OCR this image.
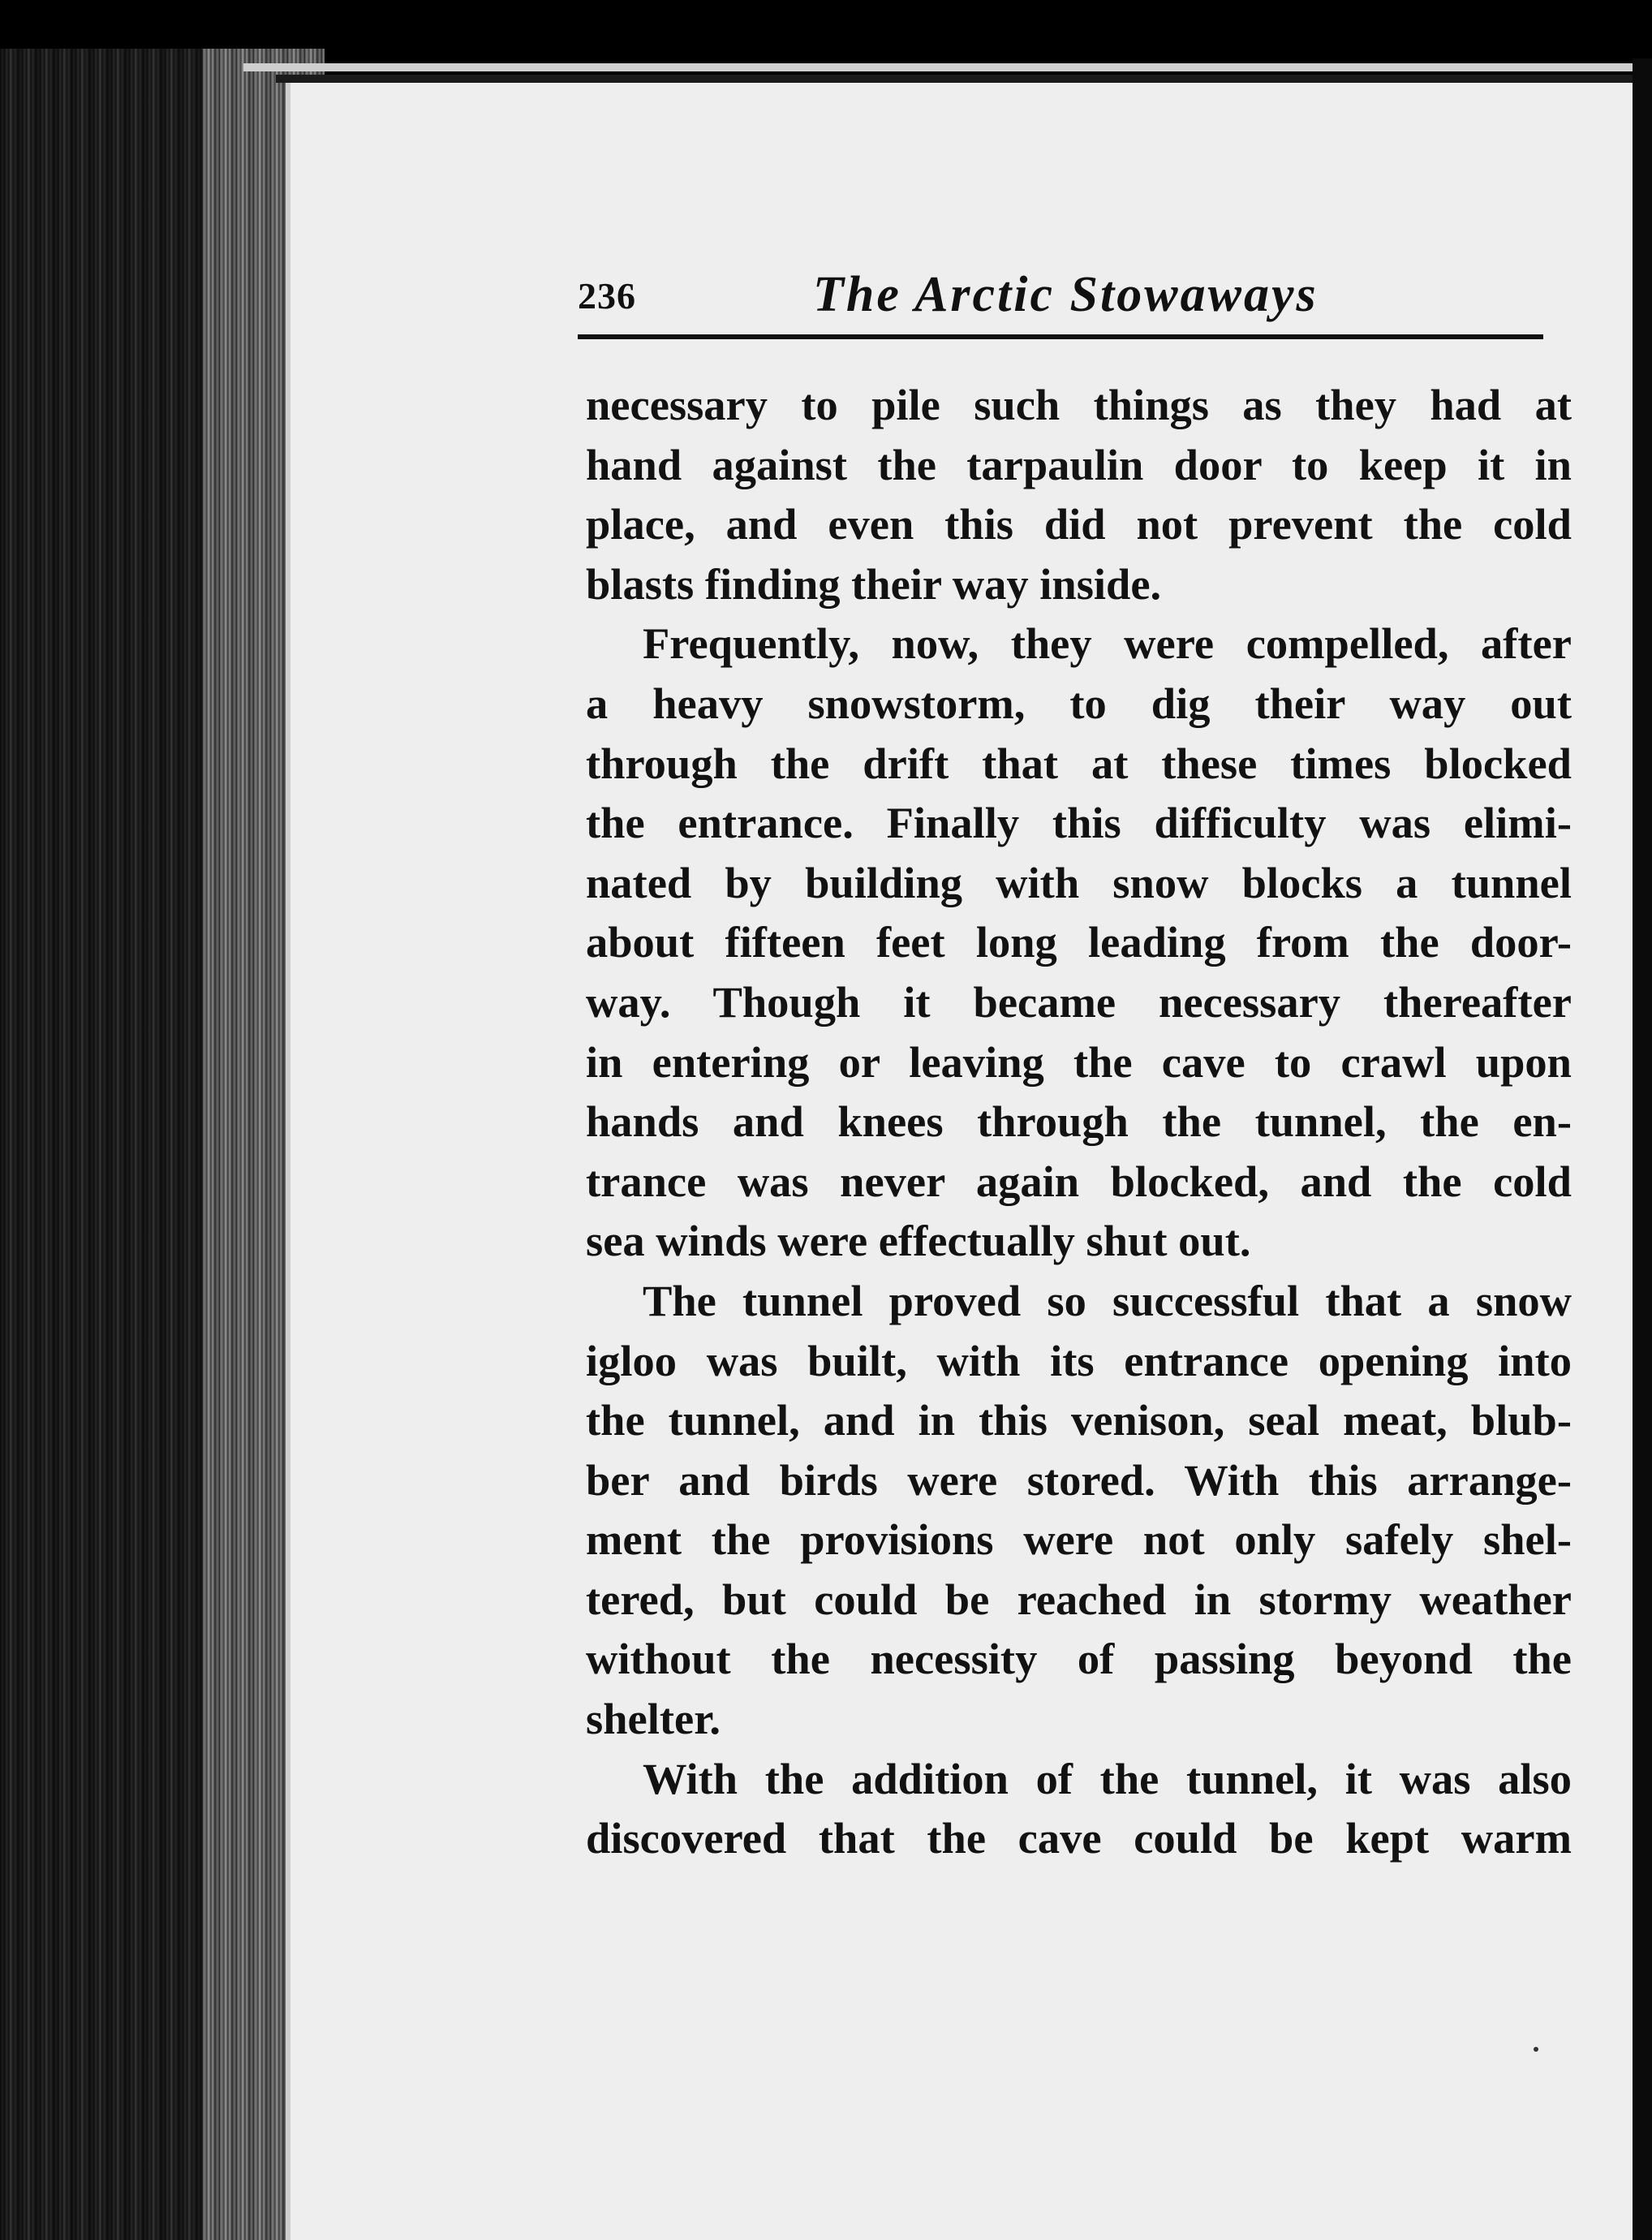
236	The Arctic Stowaways
necessary to pile such things as they had at
hand against the tarpaulin door to keep it in
place, and even this did not prevent the cold
blasts finding their way inside.
Frequently, now, they were compelled, after
a heavy snowstorm, to dig their way out
through the drift that at these times blocked
the entrance. Finally this difficulty was elimi-
nated by building with snow blocks a tunnel
about fifteen feet long leading from the door-
way. Though it became necessary thereafter
in entering or leaving the cave to crawl upon
hands and knees through the tunnel, the en-
trance was never again blocked, and the cold
sea winds were effectually shut out.
The tunnel proved so successful that a snow
igloo was built, with its entrance opening into
the tunnel, and in this venison, seal meat, blub-
ber and birds were stored. With this arrange-
ment the provisions were not only safely shel-
tered, but could be reached in stormy weather
without the necessity of passing beyond the
shelter.
With the addition of the tunnel, it was also
discovered that the cave could be kept warm
